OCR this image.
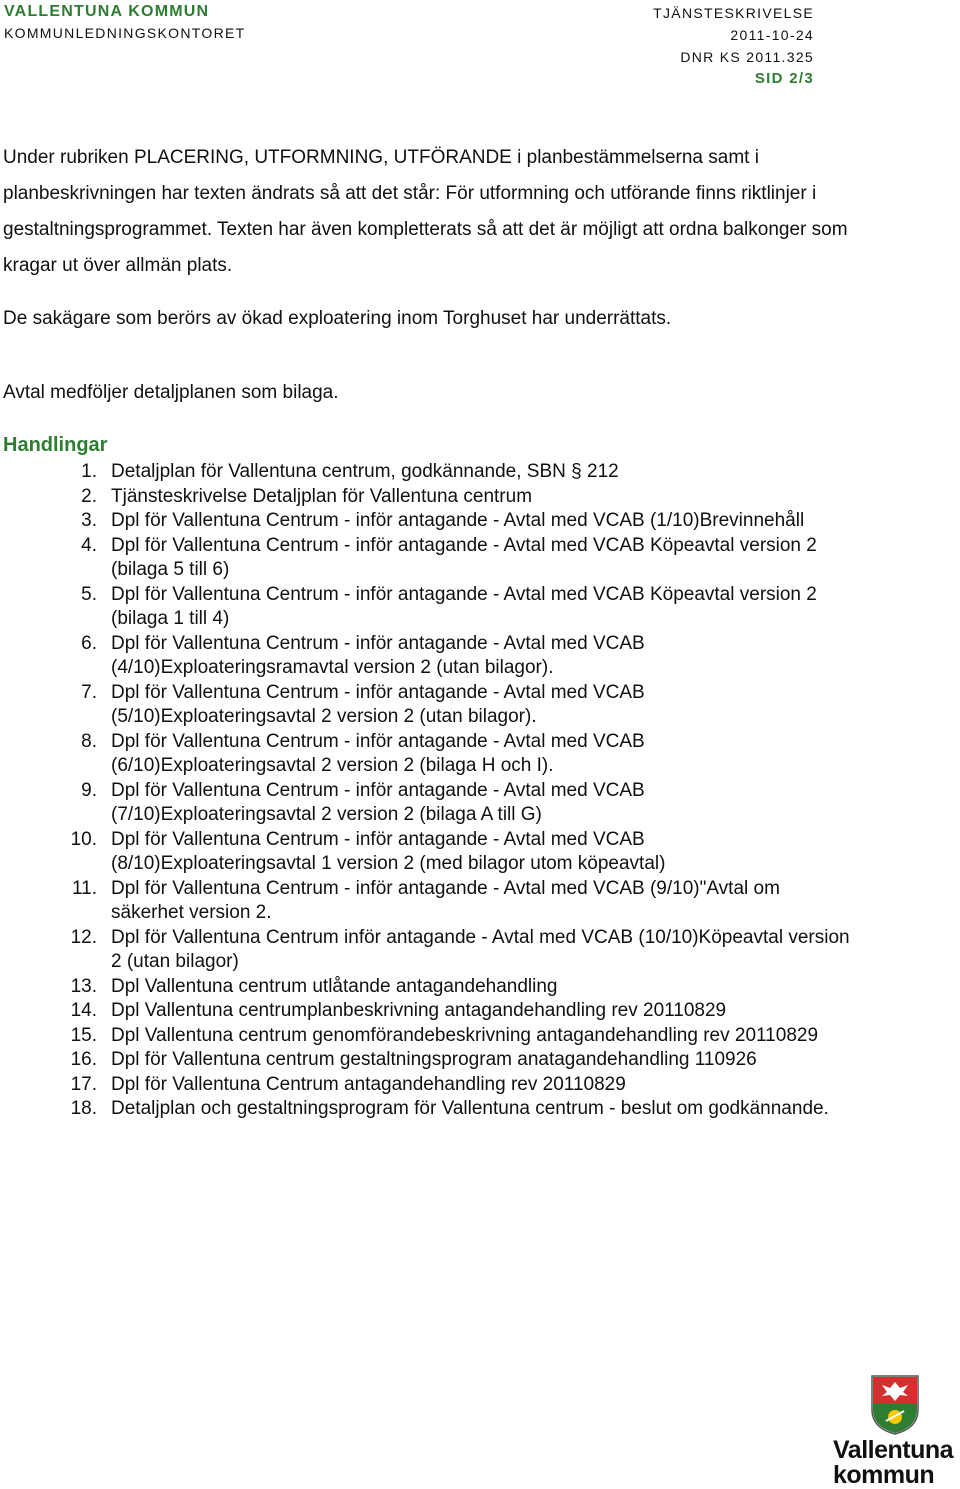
VALLENTUNA KOMMUN
KOMMUNLEDNINGSKONTORET
TJÄNSTESKRIVELSE
2011-10-24
DNR KS 2011.325
SID 2/3
Under rubriken PLACERING, UTFORMNING, UTFÖRANDE i planbestämmelserna samt i planbeskrivningen har texten ändrats så att det står: För utformning och utförande finns riktlinjer i gestaltningsprogrammet. Texten har även kompletterats så att det är möjligt att ordna balkonger som kragar ut över allmän plats.
De sakägare som berörs av ökad exploatering inom Torghuset har underrättats.
Avtal medföljer detaljplanen som bilaga.
Handlingar
1. Detaljplan för Vallentuna centrum, godkännande, SBN § 212
2. Tjänsteskrivelse Detaljplan för Vallentuna centrum
3. Dpl för Vallentuna Centrum - inför antagande - Avtal med VCAB (1/10)Brevinnehåll
4. Dpl för Vallentuna Centrum - inför antagande - Avtal med VCAB Köpeavtal version 2 (bilaga 5 till 6)
5. Dpl för Vallentuna Centrum - inför antagande - Avtal med VCAB Köpeavtal version 2 (bilaga 1 till 4)
6. Dpl för Vallentuna Centrum - inför antagande - Avtal med VCAB (4/10)Exploateringsramavtal version 2 (utan bilagor).
7. Dpl för Vallentuna Centrum - inför antagande - Avtal med VCAB (5/10)Exploateringsavtal 2 version 2 (utan bilagor).
8. Dpl för Vallentuna Centrum - inför antagande - Avtal med VCAB (6/10)Exploateringsavtal 2 version 2 (bilaga H och I).
9. Dpl för Vallentuna Centrum - inför antagande - Avtal med VCAB (7/10)Exploateringsavtal 2 version 2 (bilaga A till G)
10. Dpl för Vallentuna Centrum - inför antagande - Avtal med VCAB (8/10)Exploateringsavtal 1 version 2 (med bilagor utom köpeavtal)
11. Dpl för Vallentuna Centrum - inför antagande - Avtal med VCAB (9/10)"Avtal om säkerhet version 2.
12. Dpl för Vallentuna Centrum inför antagande - Avtal med VCAB (10/10)Köpeavtal version 2 (utan bilagor)
13. Dpl Vallentuna centrum utlåtande antagandehandling
14. Dpl Vallentuna centrumplanbeskrivning antagandehandling rev 20110829
15. Dpl Vallentuna centrum genomförandebeskrivning antagandehandling rev 20110829
16. Dpl för Vallentuna centrum gestaltningsprogram anatagandehandling 110926
17. Dpl för Vallentuna Centrum antagandehandling rev 20110829
18. Detaljplan och gestaltningsprogram för Vallentuna centrum - beslut om godkännande.
Vallentuna
kommun
